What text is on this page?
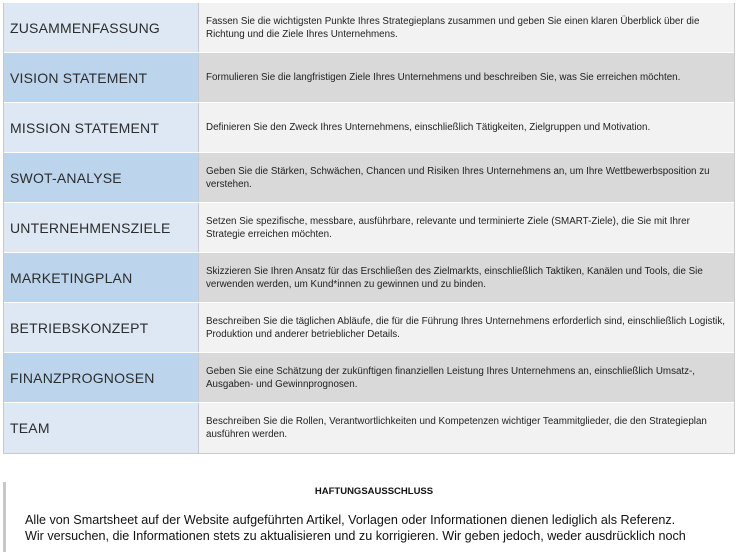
ZUSAMMENFASSUNG	Fassen Sie die wichtigsten Punkte Ihres Strategieplans zusammen und geben Sie einen klaren Überblick über die Richtung und die Ziele Ihres Unternehmens.
VISION STATEMENT	Formulieren Sie die langfristigen Ziele Ihres Unternehmens und beschreiben Sie, was Sie erreichen möchten.
MISSION STATEMENT	Definieren Sie den Zweck Ihres Unternehmens, einschließlich Tätigkeiten, Zielgruppen und Motivation.
SWOT-ANALYSE	Geben Sie die Stärken, Schwächen, Chancen und Risiken Ihres Unternehmens an, um Ihre Wettbewerbsposition zu verstehen.
UNTERNEHMENSZIELE	Setzen Sie spezifische, messbare, ausführbare, relevante und terminierte Ziele (SMART-Ziele), die Sie mit Ihrer Strategie erreichen möchten.
MARKETINGPLAN	Skizzieren Sie Ihren Ansatz für das Erschließen des Zielmarkts, einschließlich Taktiken, Kanälen und Tools, die Sie verwenden werden, um Kund*innen zu gewinnen und zu binden.
BETRIEBSKONZEPT	Beschreiben Sie die täglichen Abläufe, die für die Führung Ihres Unternehmens erforderlich sind, einschließlich Logistik, Produktion und anderer betrieblicher Details.
FINANZPROGNOSEN	Geben Sie eine Schätzung der zukünftigen finanziellen Leistung Ihres Unternehmens an, einschließlich Umsatz-, Ausgaben- und Gewinnprognosen.
TEAM	Beschreiben Sie die Rollen, Verantwortlichkeiten und Kompetenzen wichtiger Teammitglieder, die den Strategieplan ausführen werden.
HAFTUNGSAUSSCHLUSS
Alle von Smartsheet auf der Website aufgeführten Artikel, Vorlagen oder Informationen dienen lediglich als Referenz.
Wir versuchen, die Informationen stets zu aktualisieren und zu korrigieren. Wir geben jedoch, weder ausdrücklich noch
